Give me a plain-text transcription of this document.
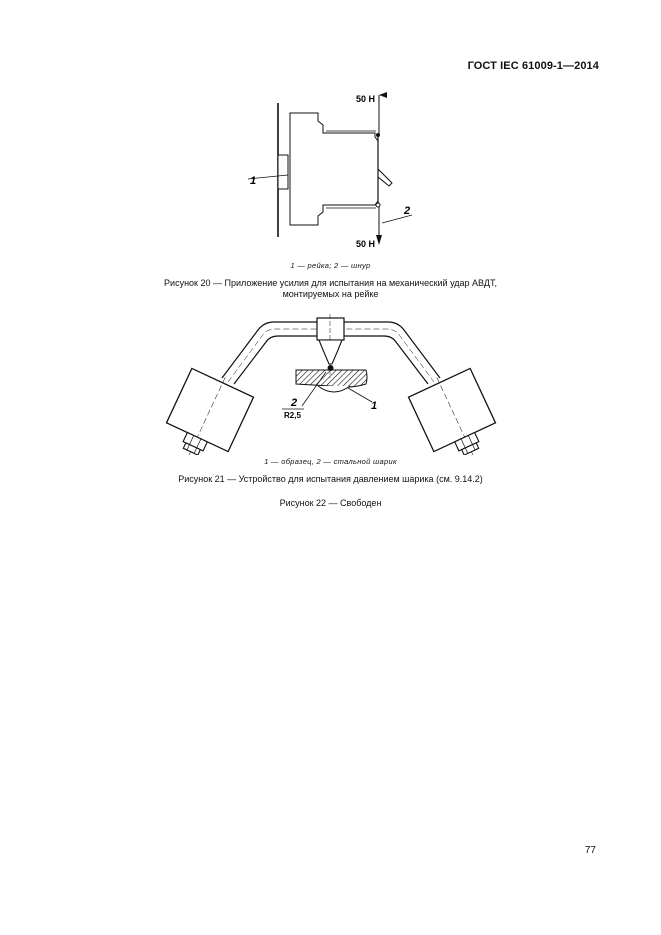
ГОСТ IEC 61009-1—2014
50 Н
50 Н
1
2
1 — рейка; 2 — шнур
Рисунок 20 — Приложение усилия для испытания на механический удар АВДТ,
монтируемых на рейке
2
R2,5
1
1 — образец, 2 — стальной шарик
Рисунок 21 — Устройство для испытания давлением шарика (см. 9.14.2)
Рисунок 22 — Свободен
77
